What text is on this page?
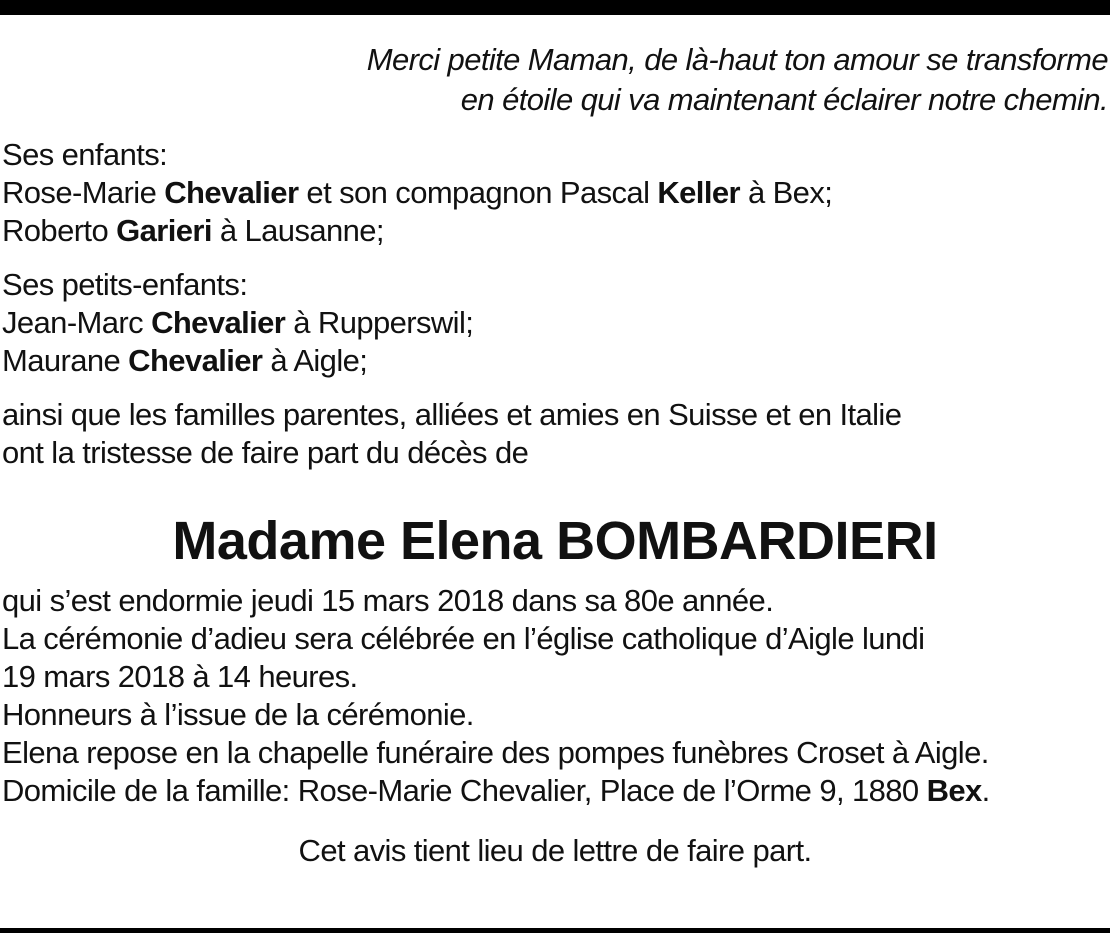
Merci petite Maman, de là-haut ton amour se transforme
en étoile qui va maintenant éclairer notre chemin.
Ses enfants:
Rose-Marie Chevalier et son compagnon Pascal Keller à Bex;
Roberto Garieri à Lausanne;
Ses petits-enfants:
Jean-Marc Chevalier à Rupperswil;
Maurane Chevalier à Aigle;
ainsi que les familles parentes, alliées et amies en Suisse et en Italie
ont la tristesse de faire part du décès de
Madame Elena BOMBARDIERI
qui s’est endormie jeudi 15 mars 2018 dans sa 80e année.
La cérémonie d’adieu sera célébrée en l’église catholique d’Aigle lundi
19 mars 2018 à 14 heures.
Honneurs à l’issue de la cérémonie.
Elena repose en la chapelle funéraire des pompes funèbres Croset à Aigle.
Domicile de la famille: Rose-Marie Chevalier, Place de l’Orme 9, 1880 Bex.
Cet avis tient lieu de lettre de faire part.
